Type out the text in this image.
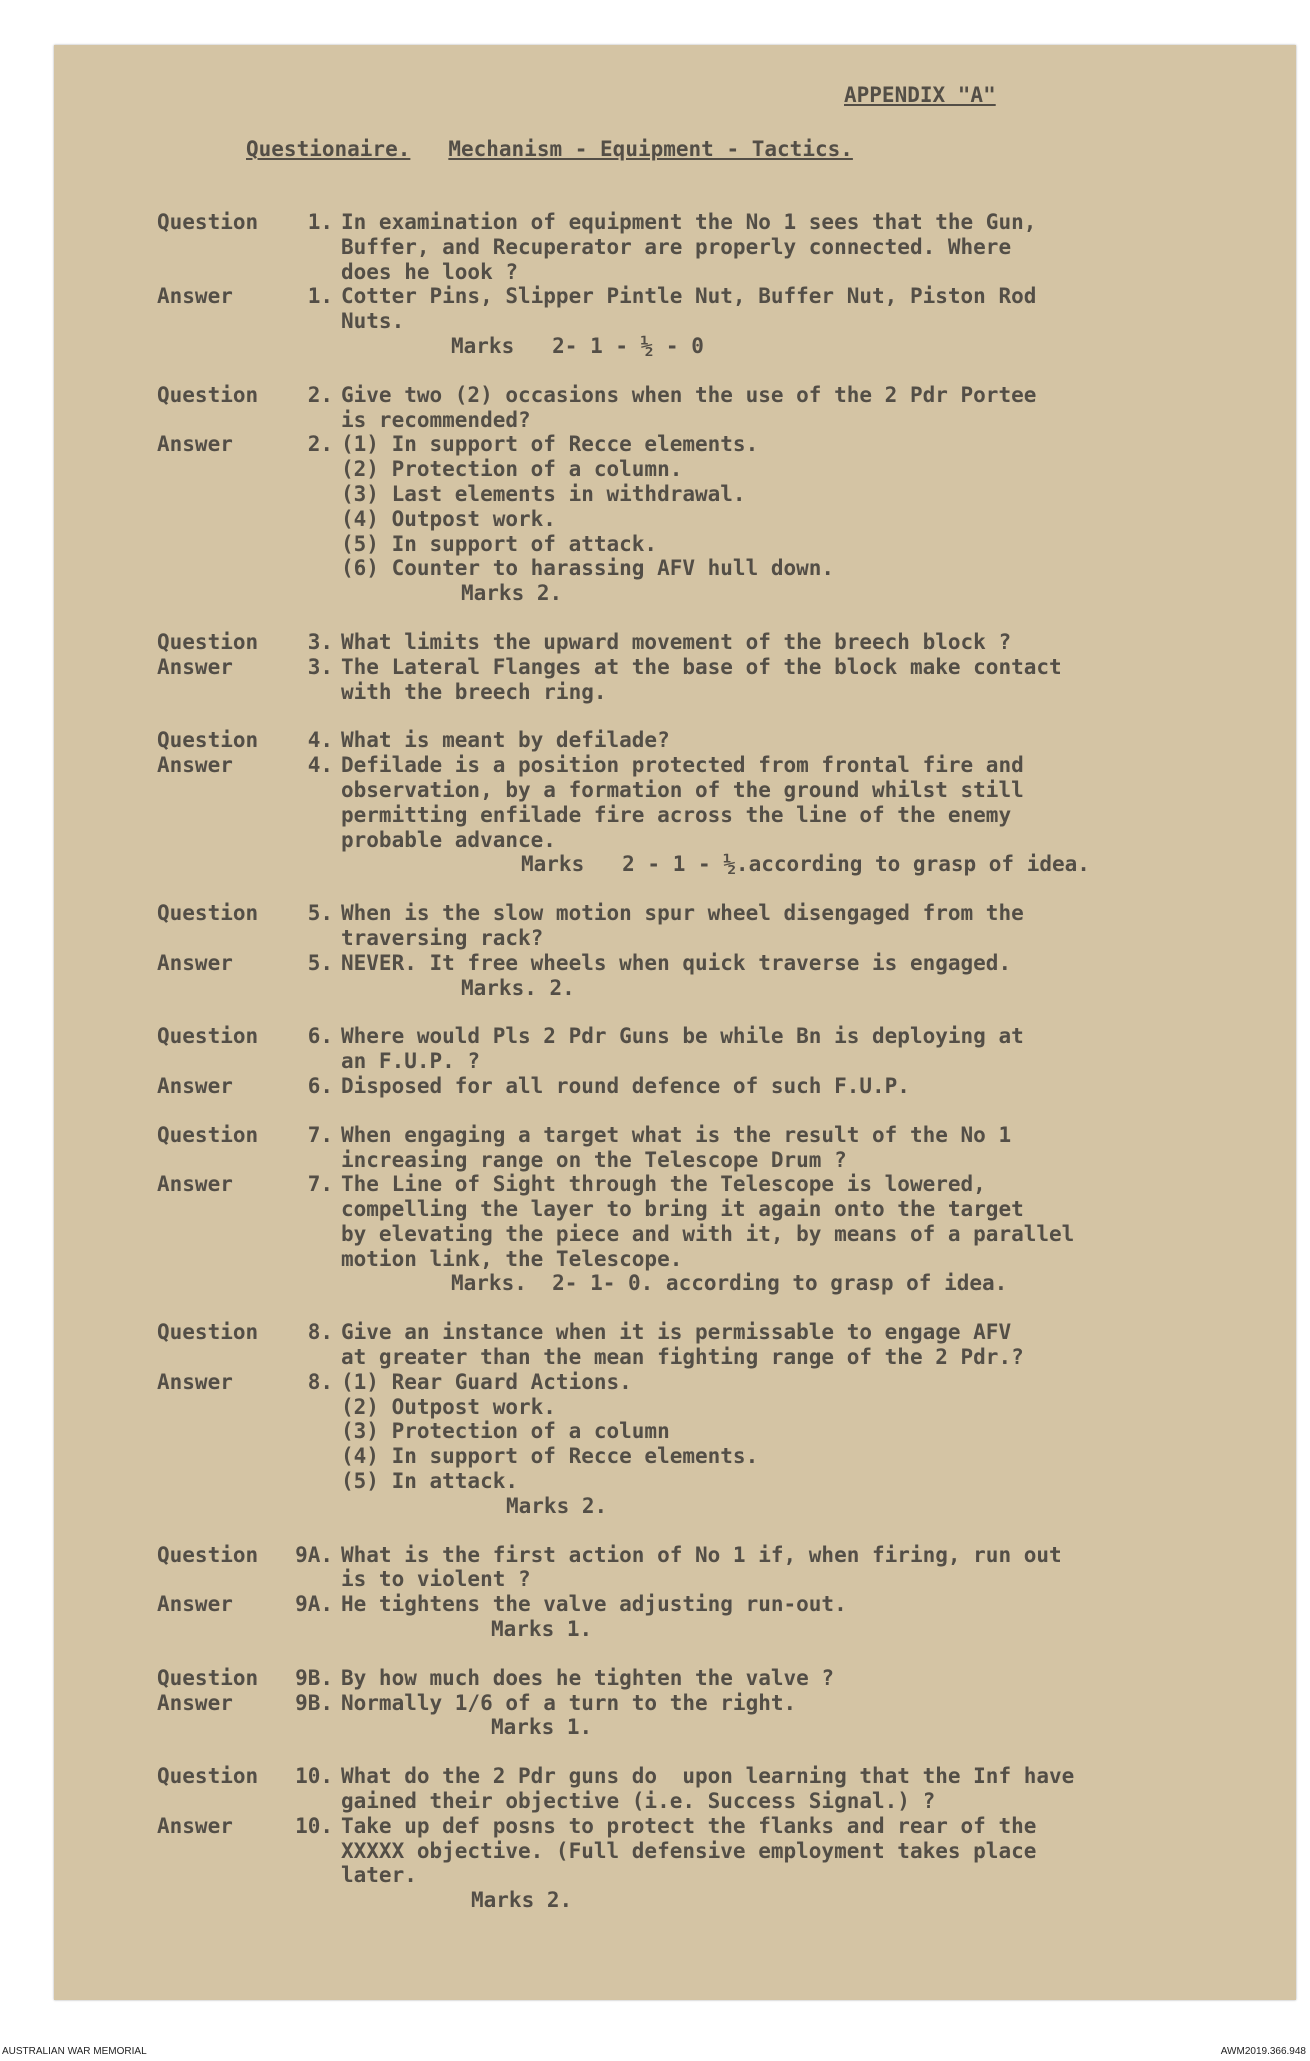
APPENDIX "A"
Questionaire. Mechanism - Equipment - Tactics.
Question	1. In examination of equipment the No 1 sees that the Gun,
Buffer, and Recuperator are properly connected. Where
does he look ?
Answer	1. Cotter Pins, Slipper Pintle Nut, Buffer Nut, Piston Rod
Nuts.
Marks   2- 1 - ½ - 0
Question	2. Give two (2) occasions when the use of the 2 Pdr Portee
is recommended?
Answer	2. (1) In support of Recce elements.
(2) Protection of a column.
(3) Last elements in withdrawal.
(4) Outpost work.
(5) In support of attack.
(6) Counter to harassing AFV hull down.
Marks 2.
Question	3. What limits the upward movement of the breech block ?
Answer	3. The Lateral Flanges at the base of the block make contact
with the breech ring.
Question	4. What is meant by defilade?
Answer	4. Defilade is a position protected from frontal fire and
observation, by a formation of the ground whilst still
permitting enfilade fire across the line of the enemy
probable advance.
Marks   2 - 1 - ½.according to grasp of idea.
Question	5. When is the slow motion spur wheel disengaged from the
traversing rack?
Answer	5. NEVER. It free wheels when quick traverse is engaged.
Marks. 2.
Question	6. Where would Pls 2 Pdr Guns be while Bn is deploying at
an F.U.P. ?
Answer	6. Disposed for all round defence of such F.U.P.
Question	7. When engaging a target what is the result of the No 1
increasing range on the Telescope Drum ?
Answer	7. The Line of Sight through the Telescope is lowered,
compelling the layer to bring it again onto the target
by elevating the piece and with it, by means of a parallel
motion link, the Telescope.
Marks.  2- 1- 0. according to grasp of idea.
Question	8. Give an instance when it is permissable to engage AFV
at greater than the mean fighting range of the 2 Pdr.?
Answer	8. (1) Rear Guard Actions.
(2) Outpost work.
(3) Protection of a column
(4) In support of Recce elements.
(5) In attack.
Marks 2.
Question	9A. What is the first action of No 1 if, when firing, run out
is to violent ?
Answer	9A. He tightens the valve adjusting run-out.
Marks 1.
Question	9B. By how much does he tighten the valve ?
Answer	9B. Normally 1/6 of a turn to the right.
Marks 1.
Question	10. What do the 2 Pdr guns do  upon learning that the Inf have
gained their objective (i.e. Success Signal.) ?
Answer	10. Take up def posns to protect the flanks and rear of the
XXXXX objective. (Full defensive employment takes place
later.
Marks 2.
AUSTRALIAN WAR MEMORIAL	AWM2019.366.948
